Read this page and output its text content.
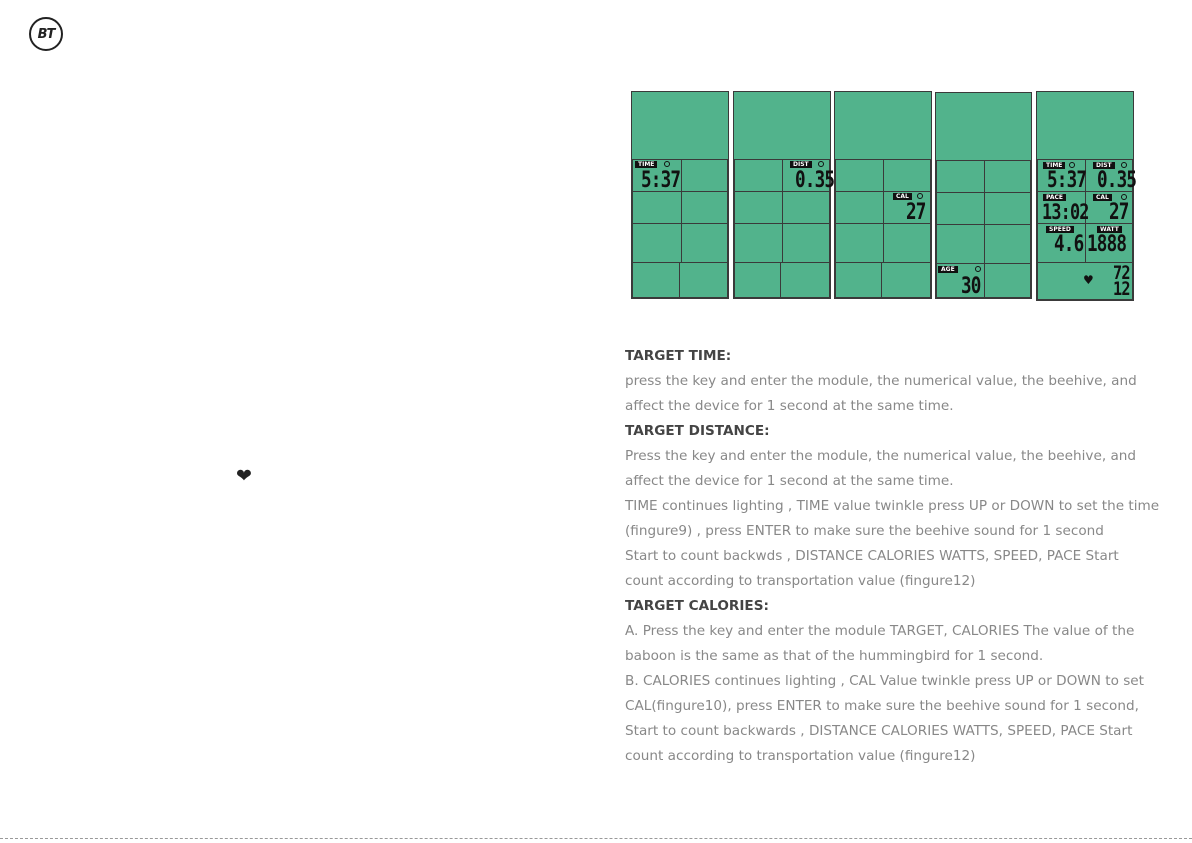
BT
❤
TIME
5:37
DIST
0.35
CAL
27
AGE
30
TIME
5:37
DIST
0.35
PACE
13:02
CAL
27
SPEED
4.6
WATT
1888
♥ 72
12

TARGET TIME:

press the key and enter the module, the numerical value, the beehive, and

affect the device for 1 second at the same time.

TARGET DISTANCE:

Press the key and enter the module, the numerical value, the beehive, and

affect the device for 1 second at the same time.

TIME continues lighting , TIME value twinkle press UP or DOWN to set the time

(fingure9) , press ENTER to make sure the beehive sound for 1 second

Start to count backwds , DISTANCE CALORIES WATTS, SPEED, PACE Start

count according to transportation value (fingure12)

TARGET CALORIES:

A. Press the key and enter the module TARGET, CALORIES The value of the

baboon is the same as that of the hummingbird for 1 second.

B. CALORIES continues lighting , CAL Value twinkle press UP or DOWN to set

CAL(fingure10), press ENTER to make sure the beehive sound for 1 second,

Start to count backwards , DISTANCE CALORIES WATTS, SPEED, PACE Start

count according to transportation value (fingure12)
